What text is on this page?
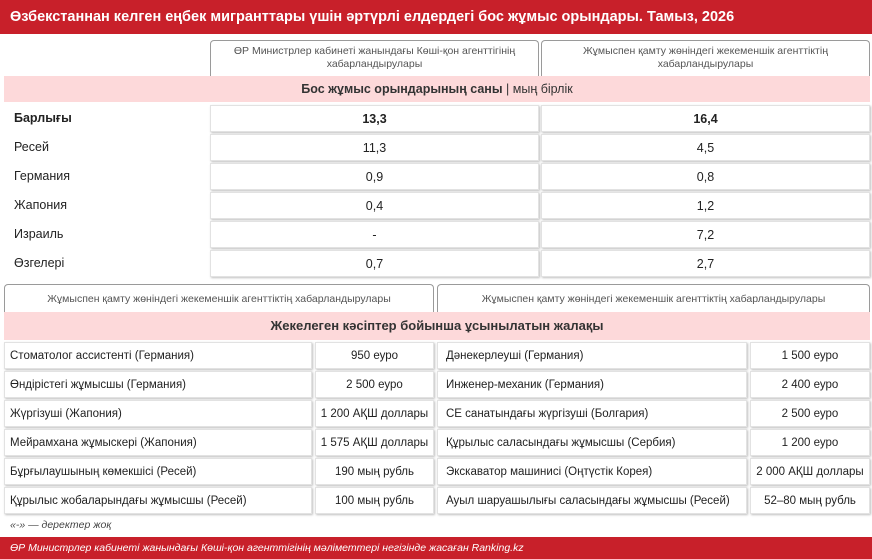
Өзбекстаннан келген еңбек мигранттары үшін әртүрлі елдердегі бос жұмыс орындары. Тамыз, 2026
ӨР Министрлер кабинеті жанындағы Көші-қон агенттігінің хабарландырулары
Жұмыспен қамту жөніндегі жекеменшік агенттіктің хабарландырулары
Бос жұмыс орындарының саны | мың бірлік
Барлығы	13,3	16,4
Ресей	11,3	4,5
Германия	0,9	0,8
Жапония	0,4	1,2
Израиль	-	7,2
Өзгелері	0,7	2,7
Жұмыспен қамту жөніндегі жекеменшік агенттіктің хабарландырулары	Жұмыспен қамту жөніндегі жекеменшік агенттіктің хабарландырулары
Жекелеген кәсіптер бойынша ұсынылатын жалақы
Стоматолог ассистенті (Германия)	950 еуро	Дәнекерлеуші (Германия)	1 500 еуро
Өндірістегі жұмысшы (Германия)	2 500 еуро	Инженер-механик (Германия)	2 400 еуро
Жүргізуші (Жапония)	1 200 АҚШ доллары	СЕ санатындағы жүргізуші (Болгария)	2 500 еуро
Мейрамхана жұмыскері (Жапония)	1 575 АҚШ доллары	Құрылыс саласындағы жұмысшы (Сербия)	1 200 еуро
Бұрғылаушының көмекшісі (Ресей)	190 мың рубль	Экскаватор машинисі (Оңтүстік Корея)	2 000 АҚШ доллары
Құрылыс жобаларындағы жұмысшы (Ресей)	100 мың рубль	Ауыл шаруашылығы саласындағы жұмысшы (Ресей)	52–80 мың рубль
«-» — деректер жоқ
ӨР Министрлер кабинеті жанындағы Көші-қон агенттігінің мәліметтері негізінде жасаған Ranking.kz
